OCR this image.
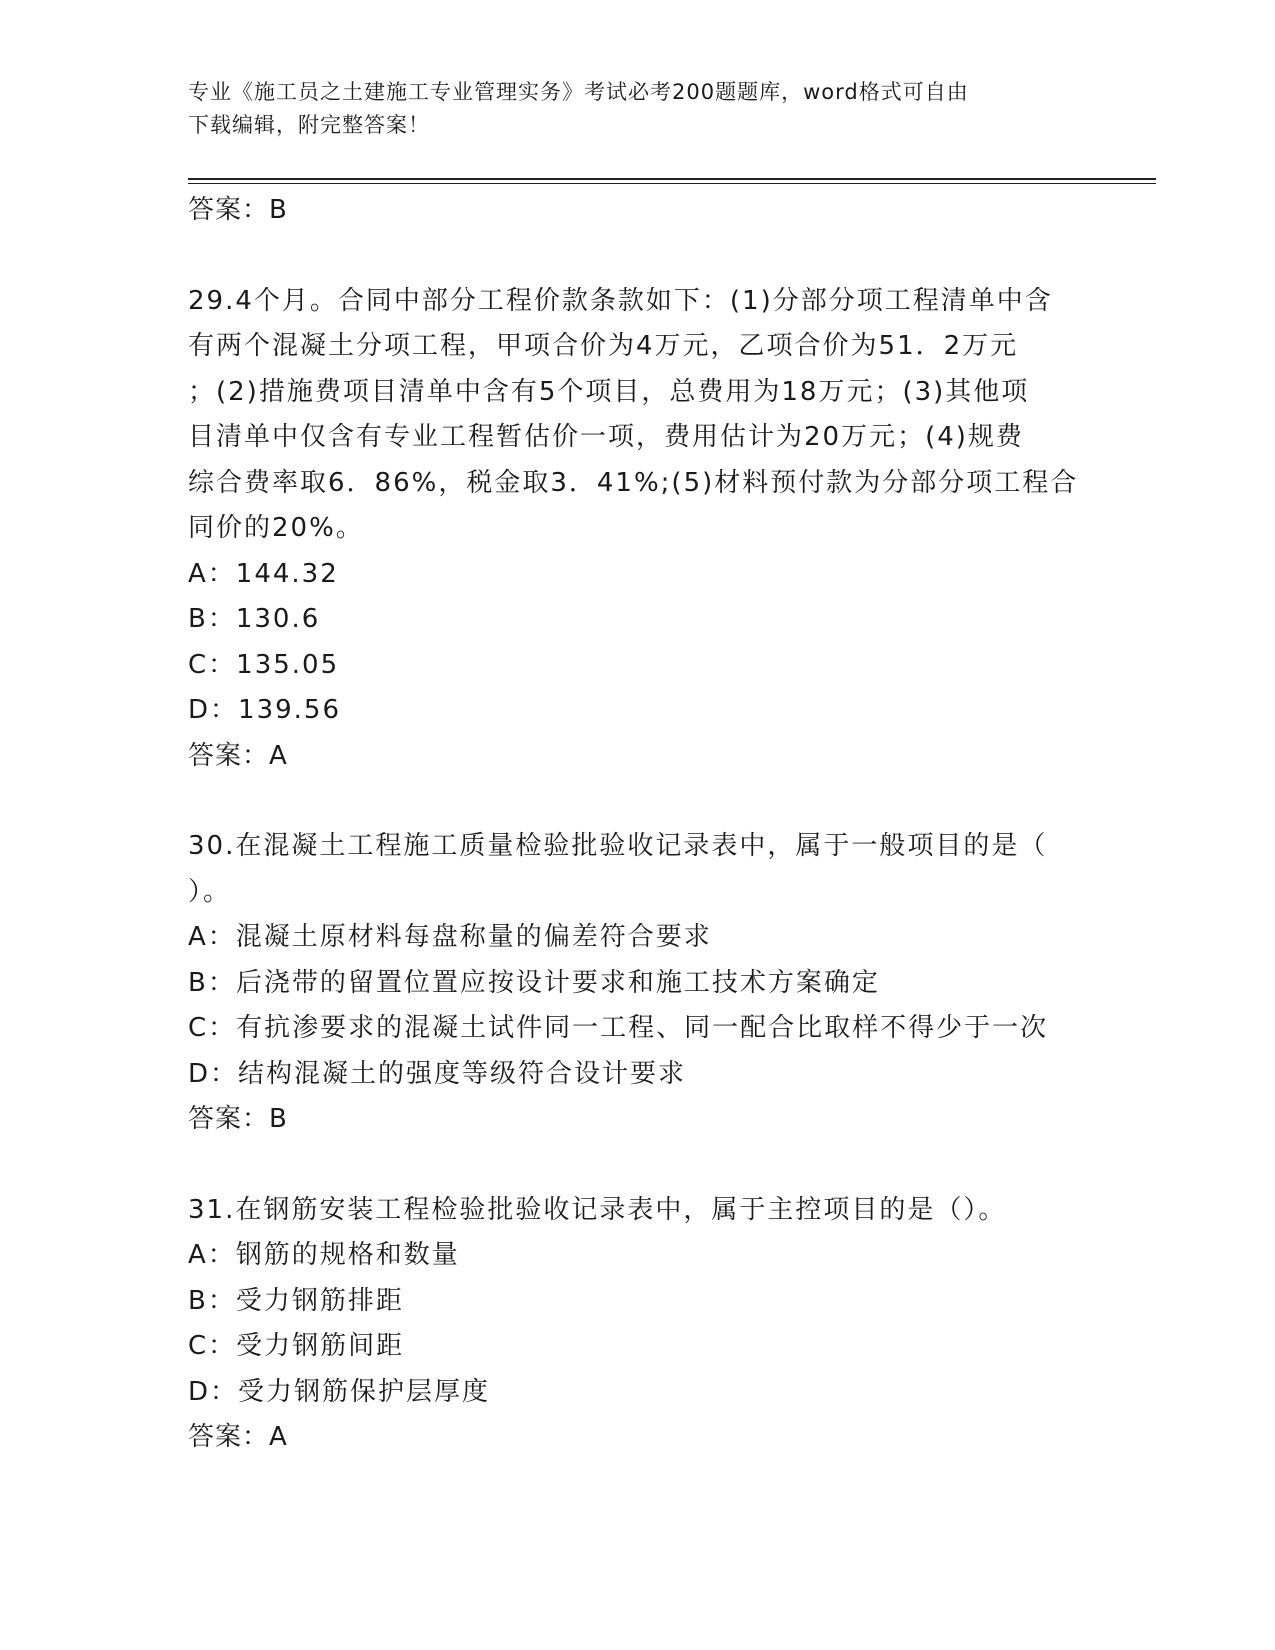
专业《施工员之土建施工专业管理实务》考试必考200题题库，word格式可自由
下载编辑，附完整答案！
答案：B
29.4个月。合同中部分工程价款条款如下：(1)分部分项工程清单中含
有两个混凝土分项工程，甲项合价为4万元，乙项合价为51．2万元
；(2)措施费项目清单中含有5个项目，总费用为18万元；(3)其他项
目清单中仅含有专业工程暂估价一项，费用估计为20万元；(4)规费
综合费率取6．86%，税金取3．41%;(5)材料预付款为分部分项工程合
同价的20%。
A：144.32
B：130.6
C：135.05
D：139.56
答案：A
30.在混凝土工程施工质量检验批验收记录表中，属于一般项目的是（
）。
A：混凝土原材料每盘称量的偏差符合要求
B：后浇带的留置位置应按设计要求和施工技术方案确定
C：有抗渗要求的混凝土试件同一工程、同一配合比取样不得少于一次
D：结构混凝土的强度等级符合设计要求
答案：B
31.在钢筋安装工程检验批验收记录表中，属于主控项目的是（）。
A：钢筋的规格和数量
B：受力钢筋排距
C：受力钢筋间距
D：受力钢筋保护层厚度
答案：A
